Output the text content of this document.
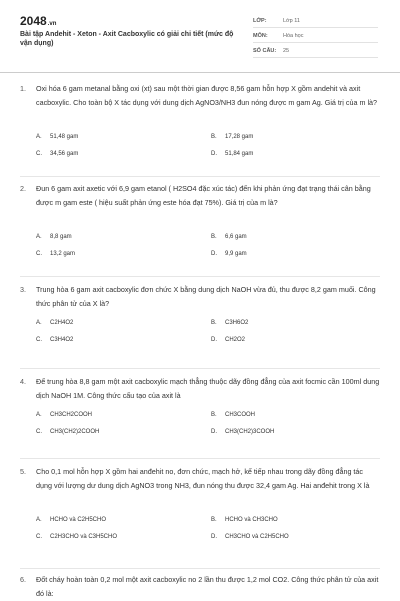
2048.vn
Bài tập Andehit - Xeton - Axit Cacboxylic có giải chi tiết (mức độ vận dụng)
LỚP:	Lớp 11
MÔN:	Hóa học
SỐ CÂU: 25
1.	Oxi hóa 6 gam metanal bằng oxi (xt) sau một thời gian được 8,56 gam hỗn hợp X gồm andehit và axit cacboxylic. Cho toàn bộ X tác dụng với dung dịch AgNO3/NH3 đun nóng được m gam Ag. Giá trị của m là?
A. 51,48 gam	B. 17,28 gam
C. 34,56 gam	D. 51,84 gam
2.	Đun 6 gam axit axetic với 6,9 gam etanol ( H2SO4 đặc xúc tác) đến khi phản ứng đạt trạng thái cân bằng được m gam este ( hiệu suất phản ứng este hóa đạt 75%). Giá trị của m là?
A. 8,8 gam	B. 6,6 gam
C. 13,2 gam	D. 9,9 gam
3.	Trung hòa 6 gam axit cacboxylic đơn chức X bằng dung dịch NaOH vừa đủ, thu được 8,2 gam muối. Công thức phân tử của X là?
A. C2H4O2	B. C3H6O2
C. C3H4O2	D. CH2O2
4.	Để trung hòa 8,8 gam một axit cacboxylic mạch thẳng thuộc dãy đồng đẳng của axit focmic cần 100ml dung dịch NaOH 1M. Công thức cấu tạo của axit là
A. CH3CH2COOH	B. CH3COOH
C. CH3(CH2)2COOH	D. CH3(CH2)3COOH
5.	Cho 0,1 mol hỗn hợp X gồm hai anđehit no, đơn chức, mạch hở, kế tiếp nhau trong dãy đồng đẳng tác dụng với lượng dư dung dịch AgNO3 trong NH3, đun nóng thu được 32,4 gam Ag. Hai anđehit trong X là
A. HCHO và C2H5CHO	B. HCHO và CH3CHO
C. C2H3CHO và C3H5CHO	D. CH3CHO và C2H5CHO
6.	Đốt cháy hoàn toàn 0,2 mol một axit cacboxylic no 2 lần thu được 1,2 mol CO2. Công thức phân tử của axit đó là:
